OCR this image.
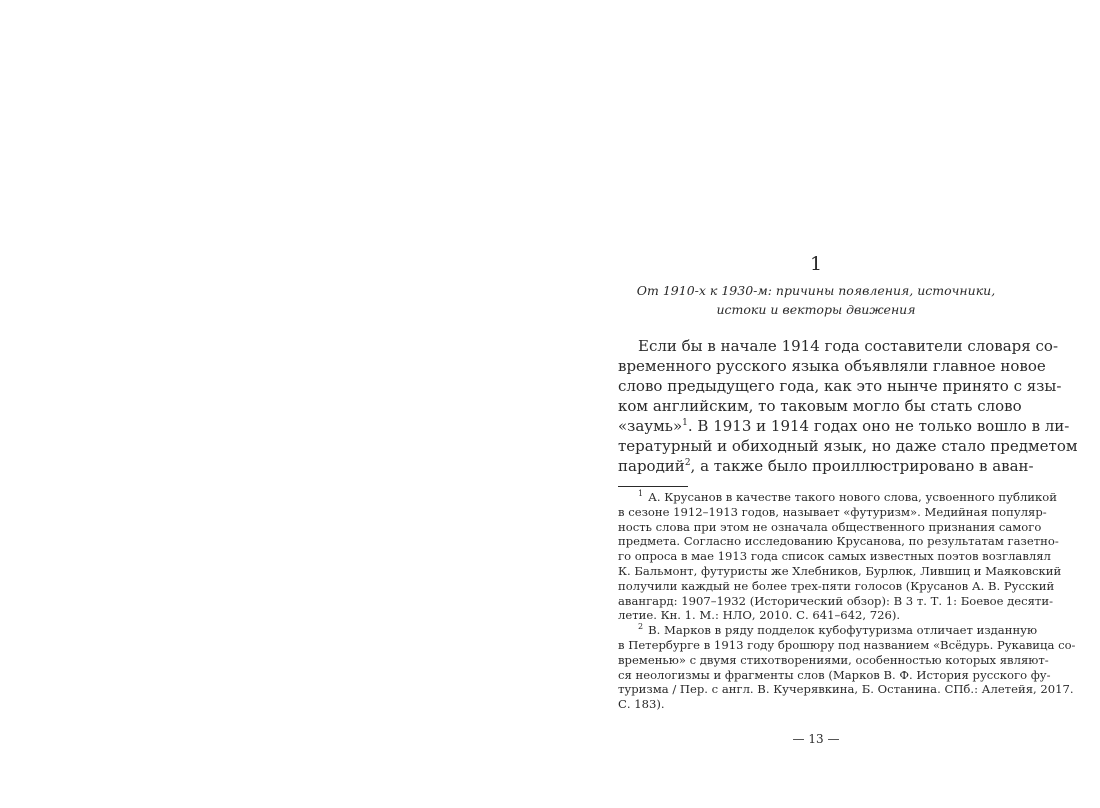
1
От 1910-х к 1930-м: причины появления, источники,
истоки и векторы движения
Если бы в начале 1914 года составители словаря со-
временного русского языка объявляли главное новое
слово предыдущего года, как это нынче принято с язы-
ком английским, то таковым могло бы стать слово
«заумь»$^1$. В 1913 и 1914 годах оно не только вошло в ли-
тературный и обиходный язык, но даже стало предметом
пародий$^2$, а также было проиллюстрировано в аван-
$^1$ А. Крусанов в качестве такого нового слова, усвоенного публикой
в сезоне 1912–1913 годов, называет «футуризм». Медийная популяр-
ность слова при этом не означала общественного признания самого
предмета. Согласно исследованию Крусанова, по результатам газетно-
го опроса в мае 1913 года список самых известных поэтов возглавлял
К. Бальмонт, футуристы же Хлебников, Бурлюк, Лившиц и Маяковский
получили каждый не более трех-пяти голосов (Крусанов А. В. Русский
авангард: 1907–1932 (Исторический обзор): В 3 т. Т. 1: Боевое десяти-
летие. Кн. 1. М.: НЛО, 2010. С. 641–642, 726).
$^2$ В. Марков в ряду подделок кубофутуризма отличает изданную
в Петербурге в 1913 году брошюру под названием «Вcёдурь. Рукавица со-
временью» с двумя стихотворениями, особенностью которых являют-
ся неологизмы и фрагменты слов (Марков В. Ф. История русского фу-
туризма / Пер. с англ. В. Кучерявкина, Б. Останина. СПб.: Алетейя, 2017.
С. 183).
— 13 —
